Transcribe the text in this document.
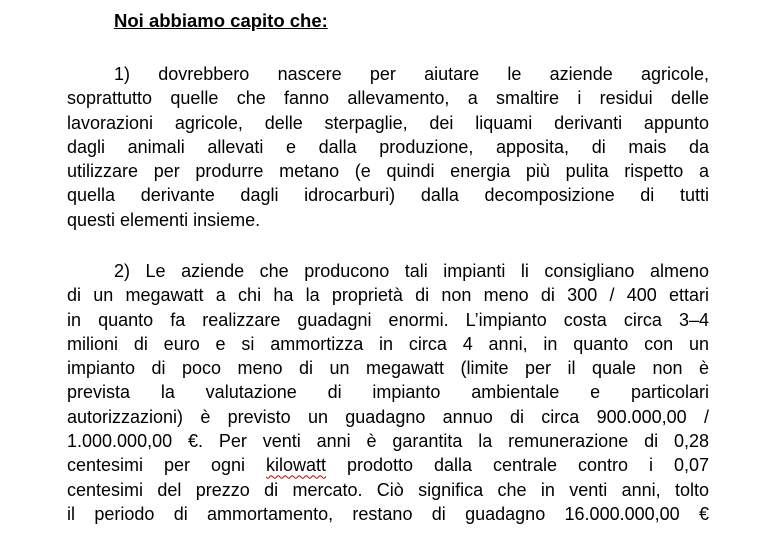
Noi abbiamo capito che:

1) dovrebbero nascere per aiutare le aziende agricole,
soprattutto quelle che fanno allevamento, a smaltire i residui delle
lavorazioni agricole, delle sterpaglie, dei liquami derivanti appunto
dagli animali allevati e dalla produzione, apposita, di mais da
utilizzare per produrre metano (e quindi energia più pulita rispetto a
quella derivante dagli idrocarburi) dalla decomposizione di tutti
questi elementi insieme.
2) Le aziende che producono tali impianti li consigliano almeno
di un megawatt a chi ha la proprietà di non meno di 300 / 400 ettari
in quanto fa realizzare guadagni enormi. L’impianto costa circa 3–4
milioni di euro e si ammortizza in circa 4 anni, in quanto con un
impianto di poco meno di un megawatt (limite per il quale non è
prevista la valutazione di impianto ambientale e particolari
autorizzazioni) è previsto un guadagno annuo di circa 900.000,00 /
1.000.000,00 €. Per venti anni è garantita la remunerazione di 0,28
centesimi per ogni kilowatt prodotto dalla centrale contro i 0,07
centesimi del prezzo di mercato. Ciò significa che in venti anni, tolto
il periodo di ammortamento, restano di guadagno 16.000.000,00 €
